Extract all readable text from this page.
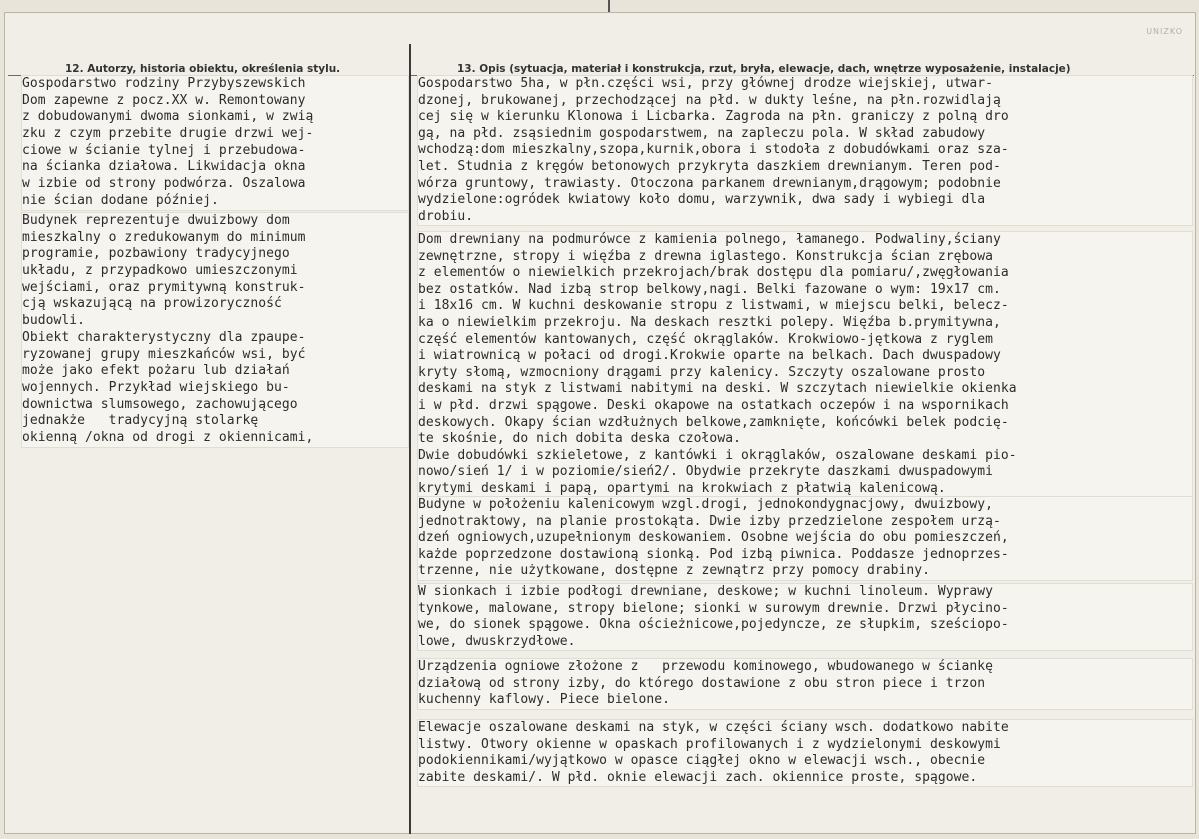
UNIZKO
12. Autorzy, historia obiektu, określenia stylu.	13. Opis (sytuacja, materiał i konstrukcja, rzut, bryła, elewacje, dach, wnętrze wyposażenie, instalacje)
Gospodarstwo rodziny Przybyszewskich
Dom zapewne z pocz.XX w. Remontowany
z dobudowanymi dwoma sionkami, w zwią
zku z czym przebite drugie drzwi wej-
ciowe w ścianie tylnej i przebudowa-
na ścianka działowa. Likwidacja okna
w izbie od strony podwórza. Oszalowa
nie ścian dodane później.
Budynek reprezentuje dwuizbowy dom
mieszkalny o zredukowanym do minimum
programie, pozbawiony tradycyjnego
układu, z przypadkowo umieszczonymi
wejściami, oraz prymitywną konstruk-
cją wskazującą na prowizoryczność
budowli.
Obiekt charakterystyczny dla zpaupe-
ryzowanej grupy mieszkańców wsi, być
może jako efekt pożaru lub działań
wojennych. Przykład wiejskiego bu-
downictwa slumsowego, zachowującego
jednakże   tradycyjną stolarkę
okienną /okna od drogi z okiennicami,
Gospodarstwo 5ha, w płn.części wsi, przy głównej drodze wiejskiej, utwar-
dzonej, brukowanej, przechodzącej na płd. w dukty leśne, na płn.rozwidlają
cej się w kierunku Klonowa i Licbarka. Zagroda na płn. graniczy z polną dro
gą, na płd. zsąsiednim gospodarstwem, na zapleczu pola. W skład zabudowy
wchodzą:dom mieszkalny,szopa,kurnik,obora i stodoła z dobudówkami oraz sza-
let. Studnia z kręgów betonowych przykryta daszkiem drewnianym. Teren pod-
wórza gruntowy, trawiasty. Otoczona parkanem drewnianym,drągowym; podobnie
wydzielone:ogródek kwiatowy koło domu, warzywnik, dwa sady i wybiegi dla
drobiu.
Dom drewniany na podmurówce z kamienia polnego, łamanego. Podwaliny,ściany
zewnętrzne, stropy i więźba z drewna iglastego. Konstrukcja ścian zrębowa
z elementów o niewielkich przekrojach/brak dostępu dla pomiaru/,zwęgłowania
bez ostatków. Nad izbą strop belkowy,nagi. Belki fazowane o wym: 19x17 cm.
i 18x16 cm. W kuchni deskowanie stropu z listwami, w miejscu belki, belecz-
ka o niewielkim przekroju. Na deskach resztki polepy. Więźba b.prymitywna,
część elementów kantowanych, część okrąglaków. Krokwiowo-jętkowa z ryglem
i wiatrownicą w połaci od drogi.Krokwie oparte na belkach. Dach dwuspadowy
kryty słomą, wzmocniony drągami przy kalenicy. Szczyty oszalowane prosto
deskami na styk z listwami nabitymi na deski. W szczytach niewielkie okienka
i w płd. drzwi spągowe. Deski okapowe na ostatkach oczepów i na wspornikach
deskowych. Okapy ścian wzdłużnych belkowe,zamknięte, końcówki belek podcię-
te skośnie, do nich dobita deska czołowa.
Dwie dobudówki szkieletowe, z kantówki i okrąglaków, oszalowane deskami pio-
nowo/sień 1/ i w poziomie/sień2/. Obydwie przekryte daszkami dwuspadowymi
krytymi deskami i papą, opartymi na krokwiach z płatwią kalenicową.
Budyne w położeniu kalenicowym wzgl.drogi, jednokondygnacjowy, dwuizbowy,
jednotraktowy, na planie prostokąta. Dwie izby przedzielone zespołem urzą-
dzeń ogniowych,uzupełnionym deskowaniem. Osobne wejścia do obu pomieszczeń,
każde poprzedzone dostawioną sionką. Pod izbą piwnica. Poddasze jednoprzes-
trzenne, nie użytkowane, dostępne z zewnątrz przy pomocy drabiny.
W sionkach i izbie podłogi drewniane, deskowe; w kuchni linoleum. Wyprawy
tynkowe, malowane, stropy bielone; sionki w surowym drewnie. Drzwi płycino-
we, do sionek spągowe. Okna ościeżnicowe,pojedyncze, ze słupkim, sześciopo-
lowe, dwuskrzydłowe.
Urządzenia ogniowe złożone z   przewodu kominowego, wbudowanego w ściankę
działową od strony izby, do którego dostawione z obu stron piece i trzon
kuchenny kaflowy. Piece bielone.
Elewacje oszalowane deskami na styk, w części ściany wsch. dodatkowo nabite
listwy. Otwory okienne w opaskach profilowanych i z wydzielonymi deskowymi
podokiennikami/wyjątkowo w opasce ciągłej okno w elewacji wsch., obecnie
zabite deskami/. W płd. oknie elewacji zach. okiennice proste, spągowe.
